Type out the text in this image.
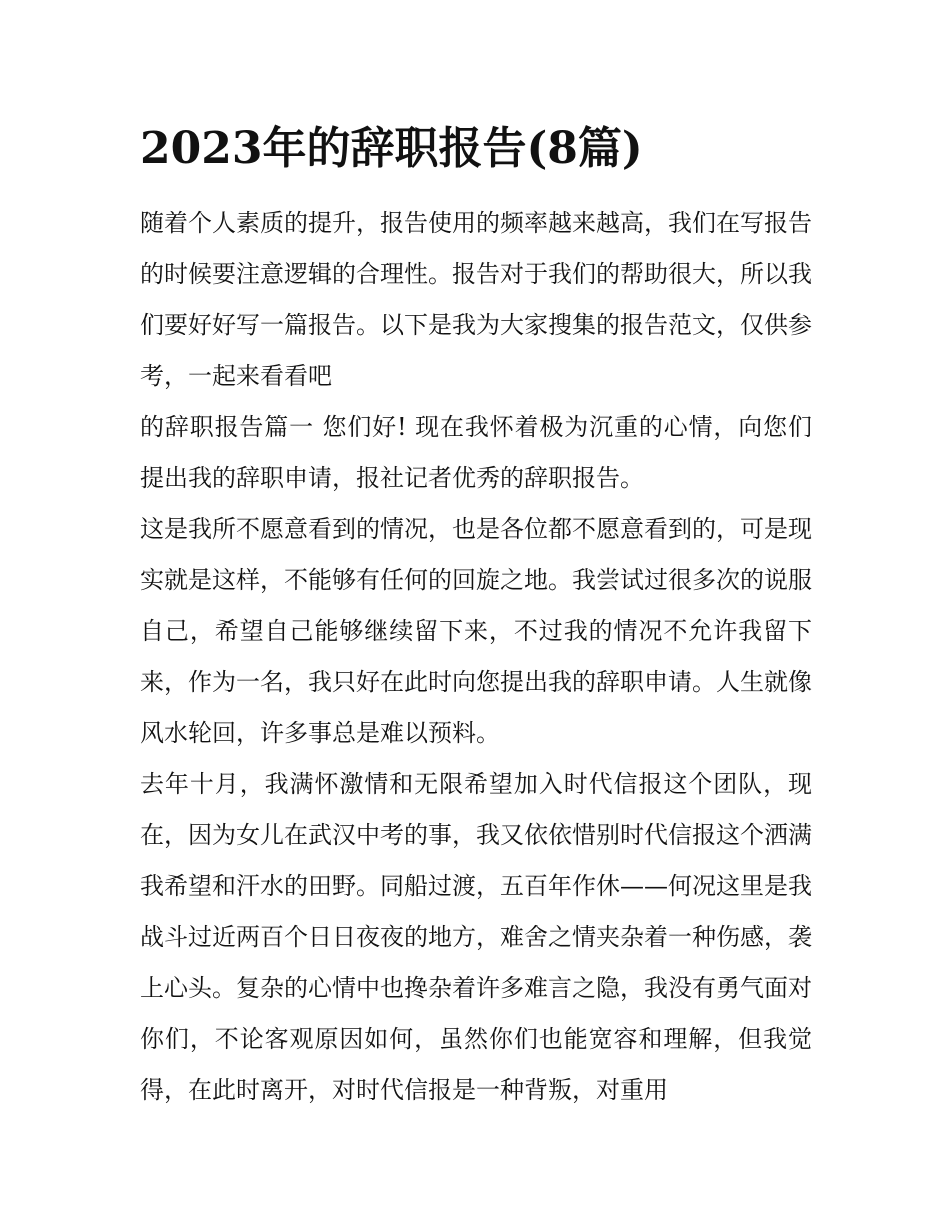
2023年的辞职报告(8篇)

随着个人素质的提升，报告使用的频率越来越高，我们在写报告的时候要注意逻辑的合理性。报告对于我们的帮助很大，所以我们要好好写一篇报告。以下是我为大家搜集的报告范文，仅供参考，一起来看看吧

的辞职报告篇一 您们好! 现在我怀着极为沉重的心情，向您们提出我的辞职申请，报社记者优秀的辞职报告。

这是我所不愿意看到的情况，也是各位都不愿意看到的，可是现实就是这样，不能够有任何的回旋之地。我尝试过很多次的说服自己，希望自己能够继续留下来，不过我的情况不允许我留下来，作为一名，我只好在此时向您提出我的辞职申请。人生就像风水轮回，许多事总是难以预料。

去年十月，我满怀激情和无限希望加入时代信报这个团队，现在，因为女儿在武汉中考的事，我又依依惜别时代信报这个洒满我希望和汗水的田野。同船过渡，五百年作休——何况这里是我战斗过近两百个日日夜夜的地方，难舍之情夹杂着一种伤感，袭上心头。复杂的心情中也搀杂着许多难言之隐，我没有勇气面对你们，不论客观原因如何，虽然你们也能宽容和理解，但我觉得，在此时离开，对时代信报是一种背叛，对重用
